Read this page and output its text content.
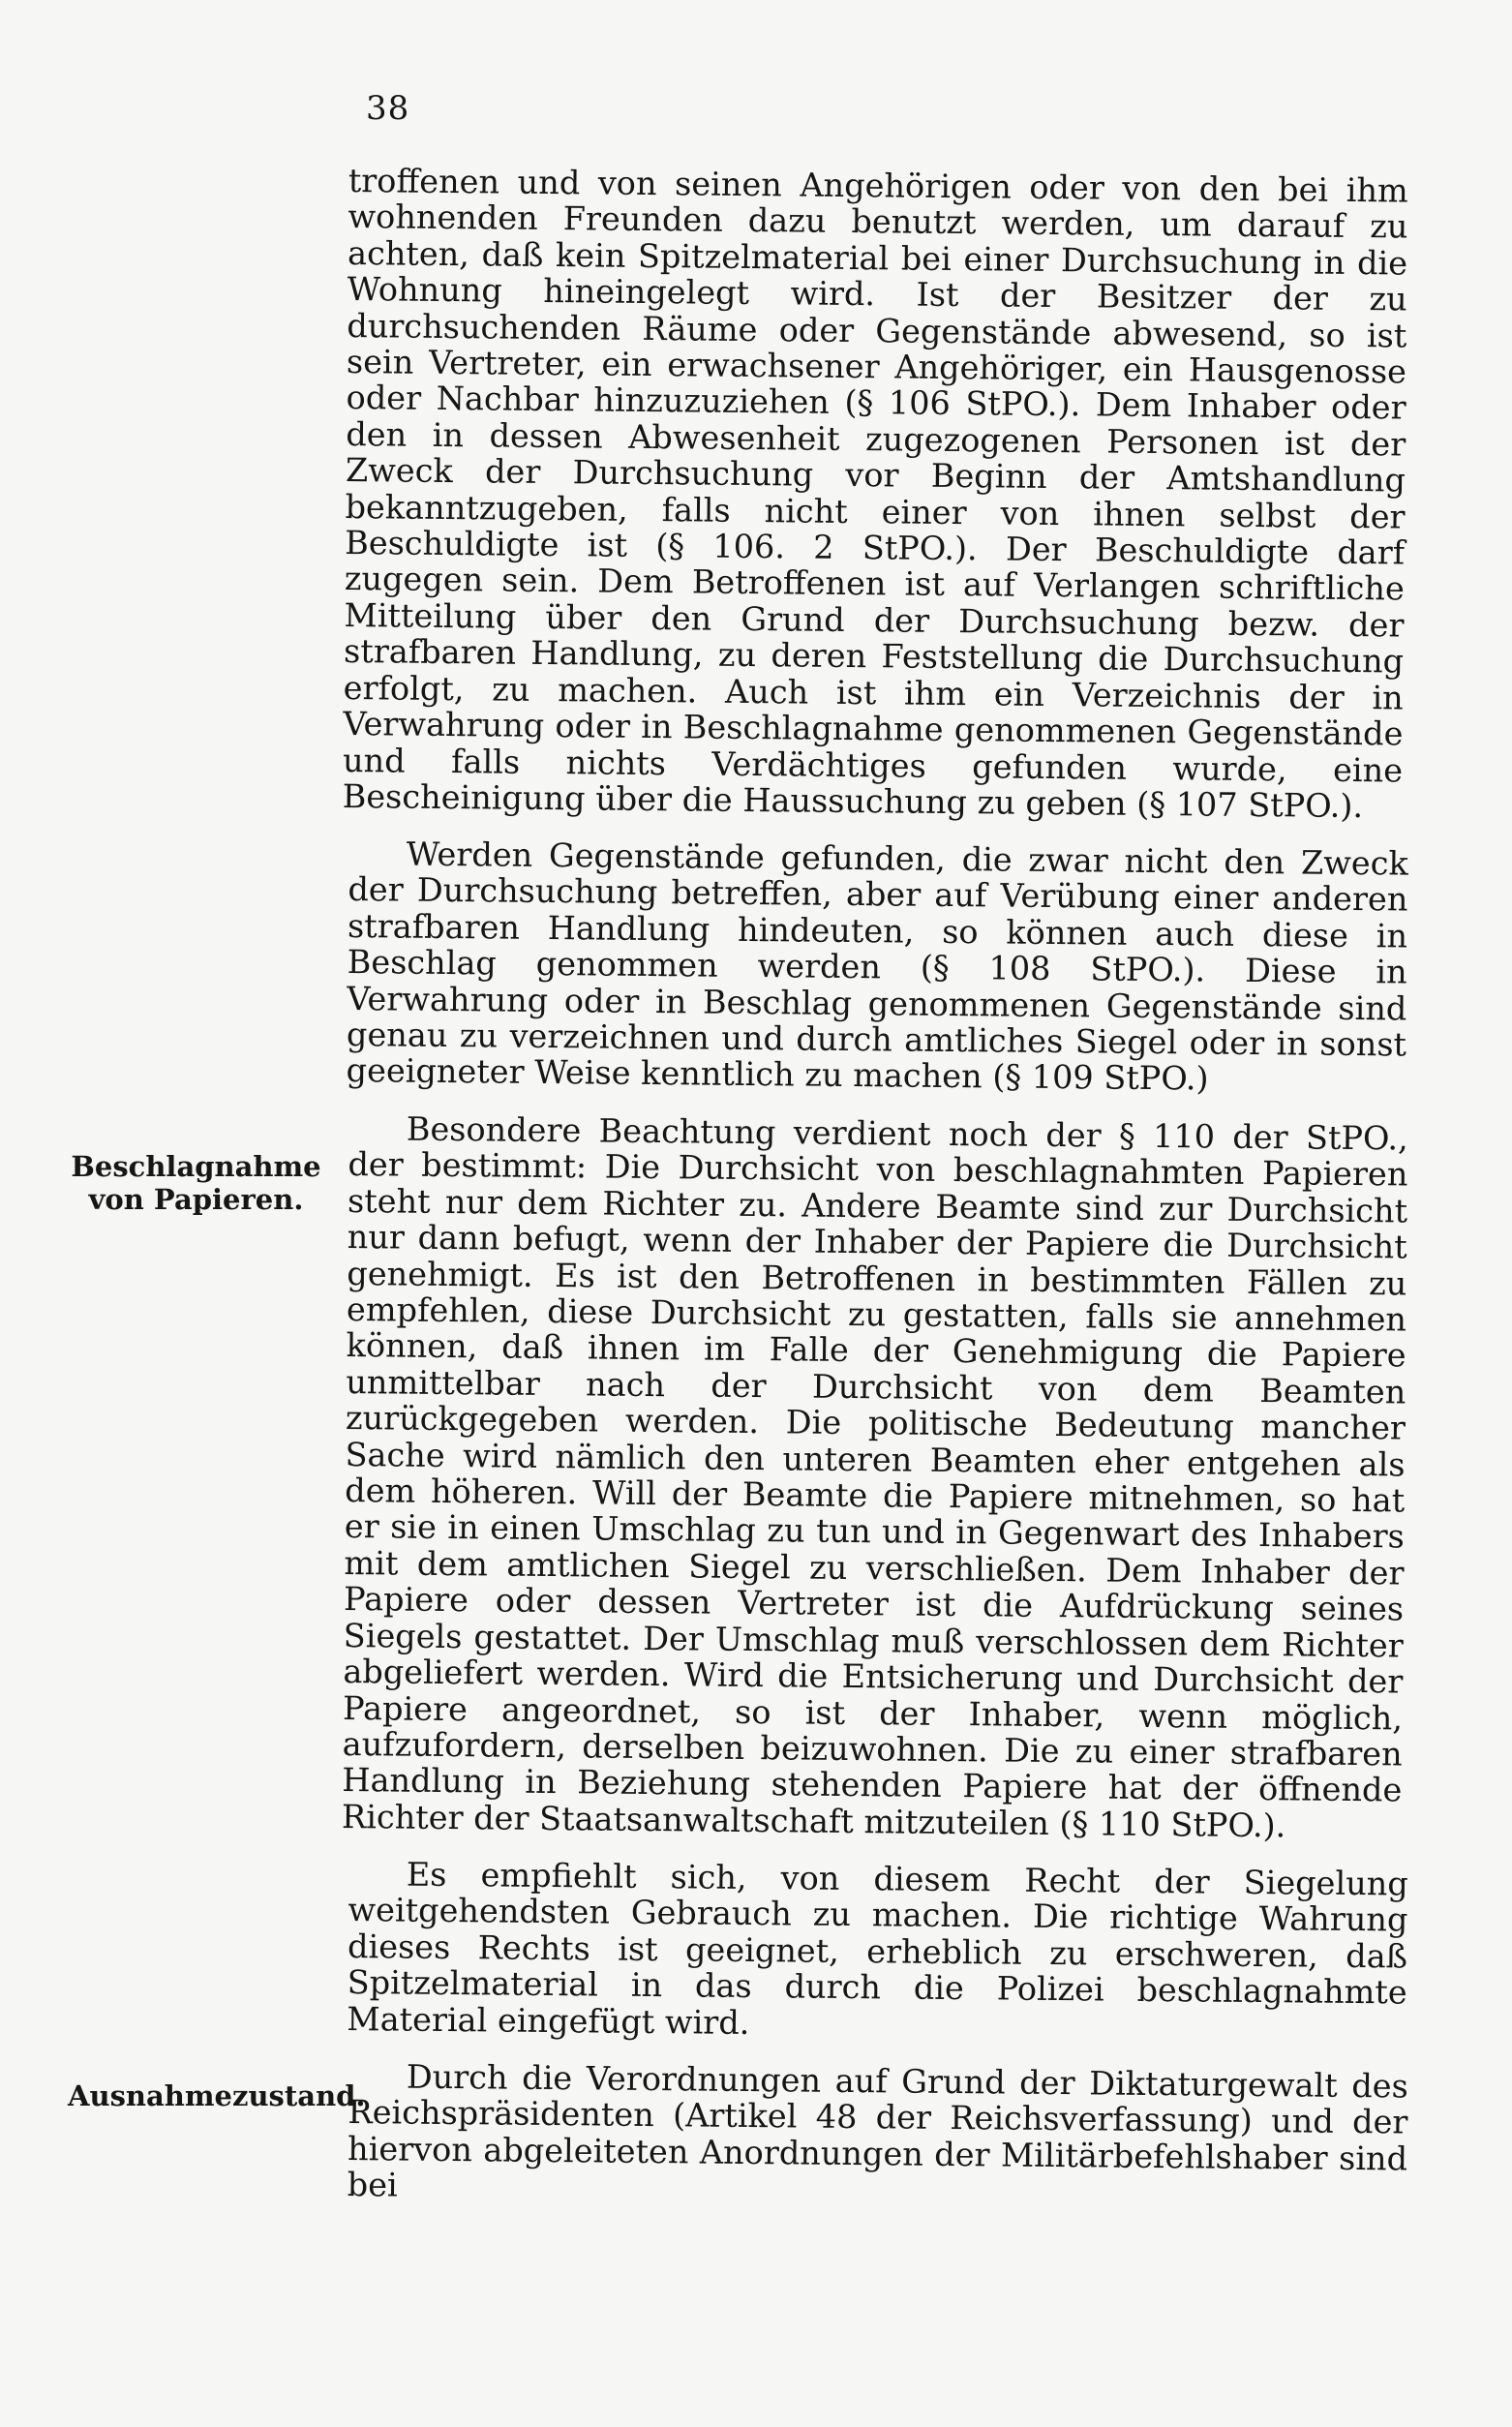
38
Beschlagnahme von Papieren.
Ausnahmezustand.

troffenen und von seinen Angehörigen oder von den bei ihm wohnenden Freunden dazu benutzt werden, um darauf zu achten, daß kein Spitzelmaterial bei einer Durchsuchung in die Wohnung hineingelegt wird. Ist der Besitzer der zu durchsuchenden Räume oder Gegenstände abwesend, so ist sein Vertreter, ein erwachsener Angehöriger, ein Hausgenosse oder Nachbar hinzuzuziehen (§ 106 StPO.). Dem Inhaber oder den in dessen Abwesenheit zugezogenen Personen ist der Zweck der Durchsuchung vor Beginn der Amtshandlung bekanntzugeben, falls nicht einer von ihnen selbst der Beschuldigte ist (§ 106. 2 StPO.). Der Beschuldigte darf zugegen sein. Dem Betroffenen ist auf Verlangen schriftliche Mitteilung über den Grund der Durchsuchung bezw. der strafbaren Handlung, zu deren Feststellung die Durchsuchung erfolgt, zu machen. Auch ist ihm ein Verzeichnis der in Verwahrung oder in Beschlagnahme genommenen Gegenstände und falls nichts Verdächtiges gefunden wurde, eine Bescheinigung über die Haussuchung zu geben (§ 107 StPO.).

Werden Gegenstände gefunden, die zwar nicht den Zweck der Durchsuchung betreffen, aber auf Verübung einer anderen strafbaren Handlung hindeuten, so können auch diese in Beschlag genommen werden (§ 108 StPO.). Diese in Verwahrung oder in Beschlag genommenen Gegenstände sind genau zu verzeichnen und durch amtliches Siegel oder in sonst geeigneter Weise kenntlich zu machen (§ 109 StPO.)

Besondere Beachtung verdient noch der § 110 der StPO., der bestimmt: Die Durchsicht von beschlagnahmten Papieren steht nur dem Richter zu. Andere Beamte sind zur Durchsicht nur dann befugt, wenn der Inhaber der Papiere die Durchsicht genehmigt. Es ist den Betroffenen in bestimmten Fällen zu empfehlen, diese Durchsicht zu gestatten, falls sie annehmen können, daß ihnen im Falle der Genehmigung die Papiere unmittelbar nach der Durchsicht von dem Beamten zurückgegeben werden. Die politische Bedeutung mancher Sache wird nämlich den unteren Beamten eher entgehen als dem höheren. Will der Beamte die Papiere mitnehmen, so hat er sie in einen Umschlag zu tun und in Gegenwart des Inhabers mit dem amtlichen Siegel zu verschließen. Dem Inhaber der Papiere oder dessen Vertreter ist die Aufdrückung seines Siegels gestattet. Der Umschlag muß verschlossen dem Richter abgeliefert werden. Wird die Entsicherung und Durchsicht der Papiere angeordnet, so ist der Inhaber, wenn möglich, aufzufordern, derselben beizuwohnen. Die zu einer strafbaren Handlung in Beziehung stehenden Papiere hat der öffnende Richter der Staatsanwaltschaft mitzuteilen (§ 110 StPO.).

Es empfiehlt sich, von diesem Recht der Siegelung weitgehendsten Gebrauch zu machen. Die richtige Wahrung dieses Rechts ist geeignet, erheblich zu erschweren, daß Spitzelmaterial in das durch die Polizei beschlagnahmte Material eingefügt wird.

Durch die Verordnungen auf Grund der Diktaturgewalt des Reichspräsidenten (Artikel 48 der Reichsverfassung) und der hiervon abgeleiteten Anordnungen der Militärbefehlshaber sind bei
